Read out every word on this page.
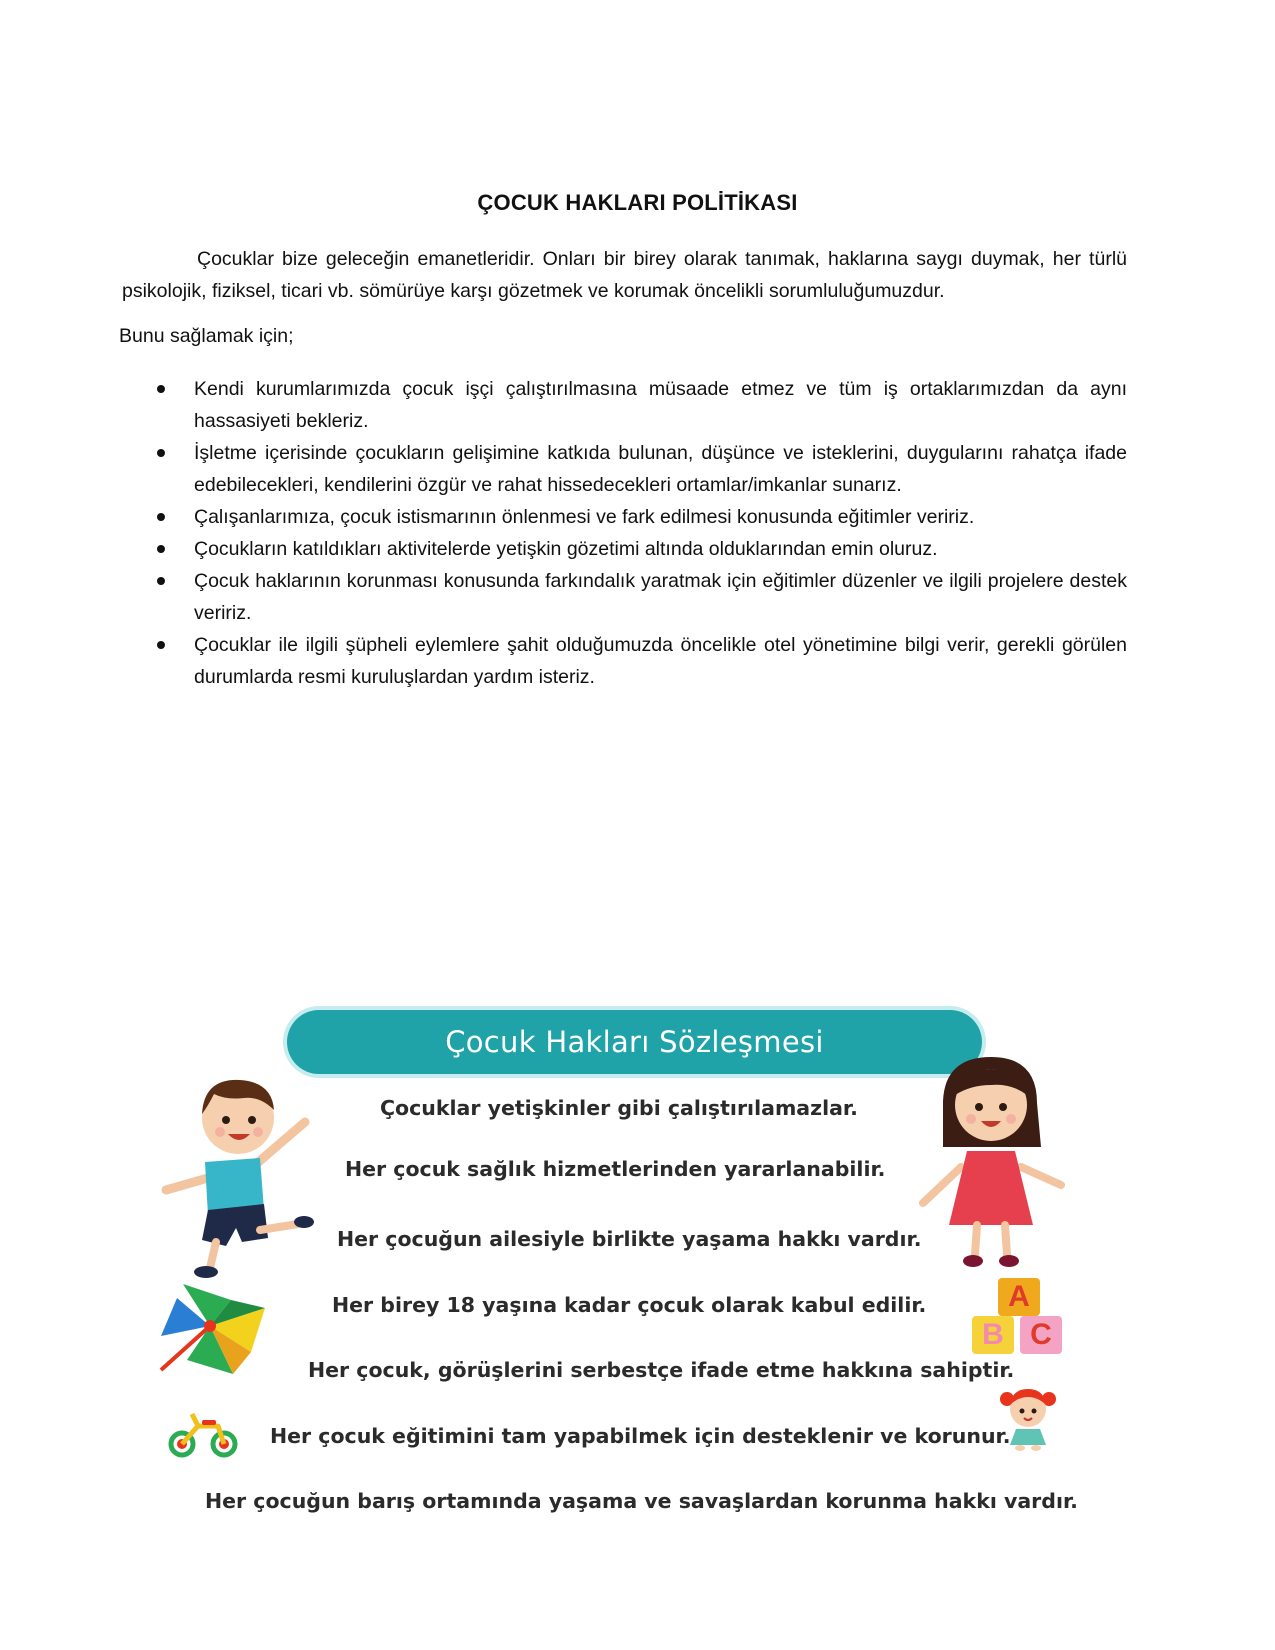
ÇOCUK HAKLARI POLİTİKASI

Çocuklar bize geleceğin emanetleridir. Onları bir birey olarak tanımak, haklarına saygı duymak, her türlü psikolojik, fiziksel, ticari vb. sömürüye karşı gözetmek ve korumak öncelikli sorumluluğumuzdur.

Bunu sağlamak için;

Kendi kurumlarımızda çocuk işçi çalıştırılmasına müsaade etmez ve tüm iş ortaklarımızdan da aynı hassasiyeti bekleriz.
İşletme içerisinde çocukların gelişimine katkıda bulunan, düşünce ve isteklerini, duygularını rahatça ifade edebilecekleri, kendilerini özgür ve rahat hissedecekleri ortamlar/imkanlar sunarız.
Çalışanlarımıza, çocuk istismarının önlenmesi ve fark edilmesi konusunda eğitimler veririz.
Çocukların katıldıkları aktivitelerde yetişkin gözetimi altında olduklarından emin oluruz.
Çocuk haklarının korunması konusunda farkındalık yaratmak için eğitimler düzenler ve ilgili projelere destek veririz.
Çocuklar ile ilgili şüpheli eylemlere şahit olduğumuzda öncelikle otel yönetimine bilgi verir, gerekli görülen durumlarda resmi kuruluşlardan yardım isteriz.
Çocuk Hakları Sözleşmesi

Çocuklar yetişkinler gibi çalıştırılamazlar.

Her çocuk sağlık hizmetlerinden yararlanabilir.

Her çocuğun ailesiyle birlikte yaşama hakkı vardır.

Her birey 18 yaşına kadar çocuk olarak kabul edilir.

Her çocuk, görüşlerini serbestçe ifade etme hakkına sahiptir.

Her çocuk eğitimini tam yapabilmek için desteklenir ve korunur.

Her çocuğun barış ortamında yaşama ve savaşlardan korunma hakkı vardır.

A
B C
